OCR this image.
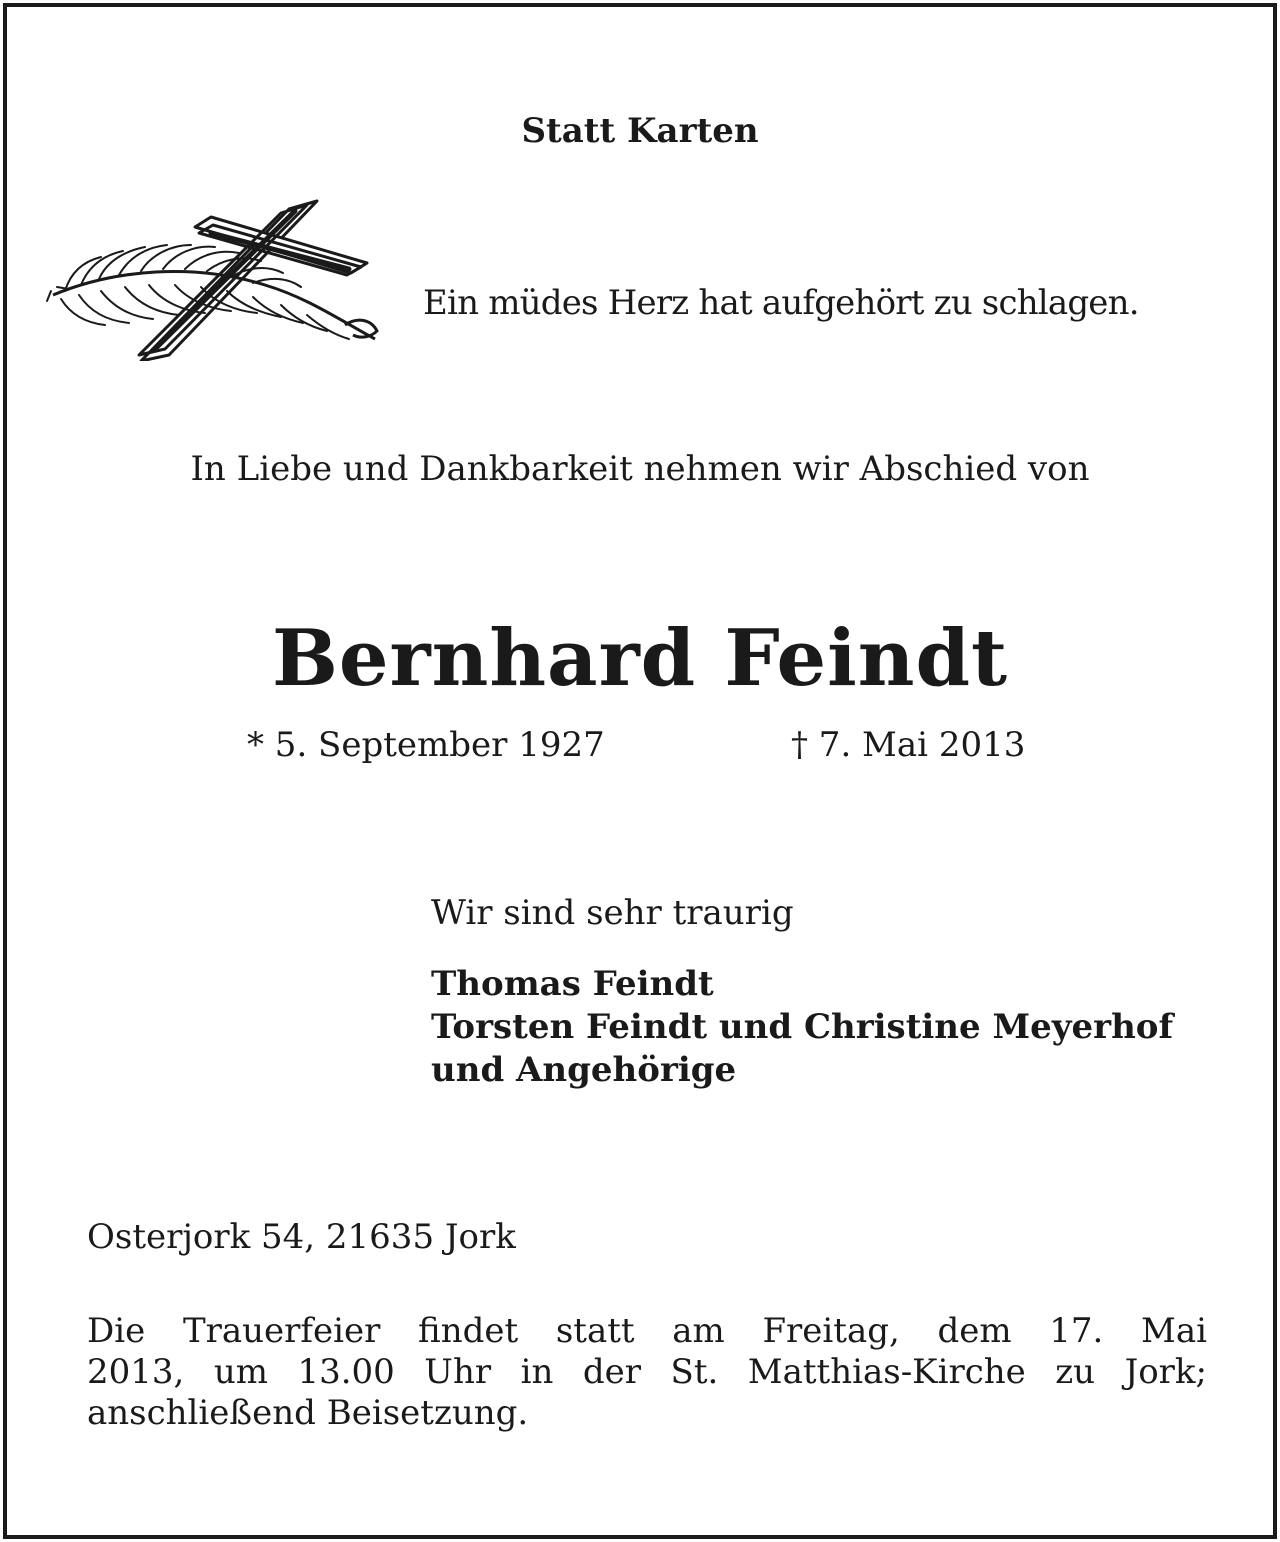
Statt Karten
Ein müdes Herz hat aufgehört zu schlagen.
In Liebe und Dankbarkeit nehmen wir Abschied von
Bernhard Feindt
* 5. September 1927	† 7. Mai 2013
Wir sind sehr traurig
Thomas Feindt
Torsten Feindt und Christine Meyerhof
und Angehörige
Osterjork 54, 21635 Jork
Die Trauerfeier findet statt am Freitag, dem 17. Mai
2013, um 13.00 Uhr in der St. Matthias-Kirche zu Jork;
anschließend Beisetzung.
